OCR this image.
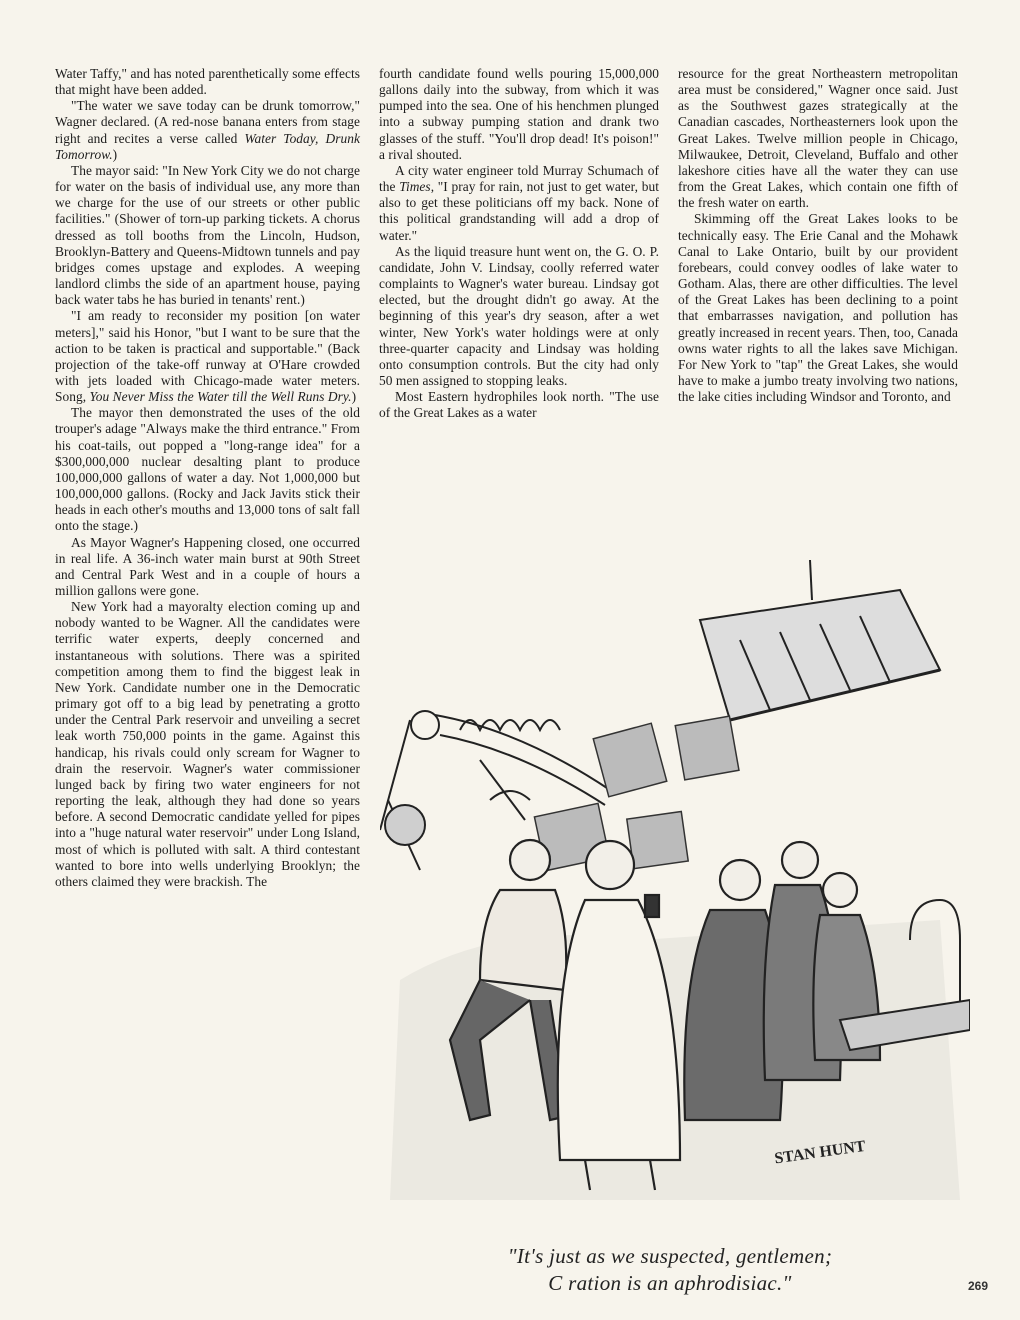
Water Taffy," and has noted parenthetically some effects that might have been added.

"The water we save today can be drunk tomorrow," Wagner declared. (A red-nose banana enters from stage right and recites a verse called Water Today, Drunk Tomorrow.)

The mayor said: "In New York City we do not charge for water on the basis of individual use, any more than we charge for the use of our streets or other public facilities." (Shower of torn-up parking tickets. A chorus dressed as toll booths from the Lincoln, Hudson, Brooklyn-Battery and Queens-Midtown tunnels and pay bridges comes upstage and explodes. A weeping landlord climbs the side of an apartment house, paying back water tabs he has buried in tenants' rent.)

"I am ready to reconsider my position [on water meters]," said his Honor, "but I want to be sure that the action to be taken is practical and supportable." (Back projection of the take-off runway at O'Hare crowded with jets loaded with Chicago-made water meters. Song, You Never Miss the Water till the Well Runs Dry.)

The mayor then demonstrated the uses of the old trouper's adage "Always make the third entrance." From his coat-tails, out popped a "long-range idea" for a $300,000,000 nuclear desalting plant to produce 100,000,000 gallons of water a day. Not 1,000,000 but 100,000,000 gallons. (Rocky and Jack Javits stick their heads in each other's mouths and 13,000 tons of salt fall onto the stage.)

As Mayor Wagner's Happening closed, one occurred in real life. A 36-inch water main burst at 90th Street and Central Park West and in a couple of hours a million gallons were gone.

New York had a mayoralty election coming up and nobody wanted to be Wagner. All the candidates were terrific water experts, deeply concerned and instantaneous with solutions. There was a spirited competition among them to find the biggest leak in New York. Candidate number one in the Democratic primary got off to a big lead by penetrating a grotto under the Central Park reservoir and unveiling a secret leak worth 750,000 points in the game. Against this handicap, his rivals could only scream for Wagner to drain the reservoir. Wagner's water commissioner lunged back by firing two water engineers for not reporting the leak, although they had done so years before. A second Democratic candidate yelled for pipes into a "huge natural water reservoir" under Long Island, most of which is polluted with salt. A third contestant wanted to bore into wells underlying Brooklyn; the others claimed they were brackish. The

fourth candidate found wells pouring 15,000,000 gallons daily into the subway, from which it was pumped into the sea. One of his henchmen plunged into a subway pumping station and drank two glasses of the stuff. "You'll drop dead! It's poison!" a rival shouted.

A city water engineer told Murray Schumach of the Times, "I pray for rain, not just to get water, but also to get these politicians off my back. None of this political grandstanding will add a drop of water."

As the liquid treasure hunt went on, the G. O. P. candidate, John V. Lindsay, coolly referred water complaints to Wagner's water bureau. Lindsay got elected, but the drought didn't go away. At the beginning of this year's dry season, after a wet winter, New York's water holdings were at only three-quarter capacity and Lindsay was holding onto consumption controls. But the city had only 50 men assigned to stopping leaks.

Most Eastern hydrophiles look north. "The use of the Great Lakes as a water

resource for the great Northeastern metropolitan area must be considered," Wagner once said. Just as the Southwest gazes strategically at the Canadian cascades, Northeasterners look upon the Great Lakes. Twelve million people in Chicago, Milwaukee, Detroit, Cleveland, Buffalo and other lakeshore cities have all the water they can use from the Great Lakes, which contain one fifth of the fresh water on earth.

Skimming off the Great Lakes looks to be technically easy. The Erie Canal and the Mohawk Canal to Lake Ontario, built by our provident forebears, could convey oodles of lake water to Gotham. Alas, there are other difficulties. The level of the Great Lakes has been declining to a point that embarrasses navigation, and pollution has greatly increased in recent years. Then, too, Canada owns water rights to all the lakes save Michigan. For New York to "tap" the Great Lakes, she would have to make a jumbo treaty involving two nations, the lake cities including Windsor and Toronto, and

STAN HUNT
"It's just as we suspected, gentlemen;
C ration is an aphrodisiac."	269
